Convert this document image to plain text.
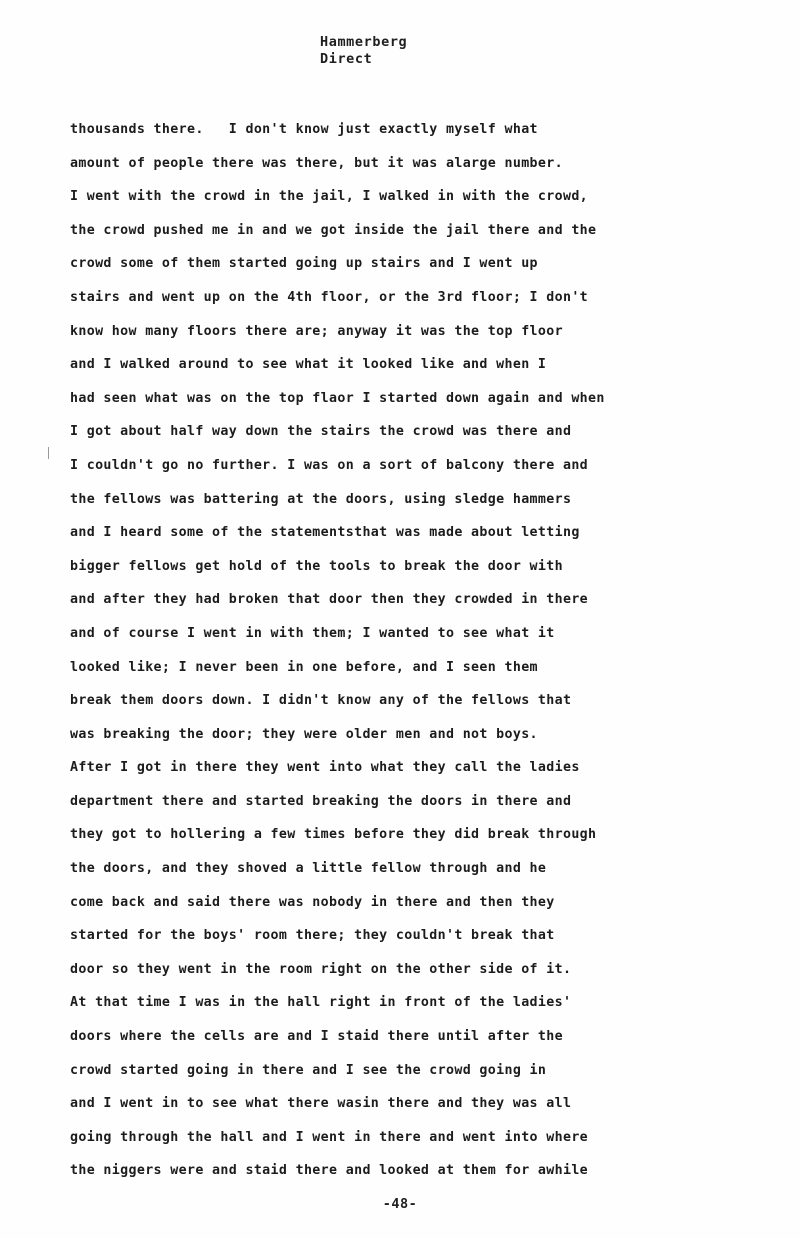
Hammerberg
Direct
thousands there.   I don't know just exactly myself what
amount of people there was there, but it was alarge number.
I went with the crowd in the jail, I walked in with the crowd,
the crowd pushed me in and we got inside the jail there and the
crowd some of them started going up stairs and I went up
stairs and went up on the 4th floor, or the 3rd floor; I don't
know how many floors there are; anyway it was the top floor
and I walked around to see what it looked like and when I
had seen what was on the top flaor I started down again and when
I got about half way down the stairs the crowd was there and
I couldn't go no further. I was on a sort of balcony there and
the fellows was battering at the doors, using sledge hammers
and I heard some of the statementsthat was made about letting
bigger fellows get hold of the tools to break the door with
and after they had broken that door then they crowded in there
and of course I went in with them; I wanted to see what it
looked like; I never been in one before, and I seen them
break them doors down. I didn't know any of the fellows that
was breaking the door; they were older men and not boys.
After I got in there they went into what they call the ladies
department there and started breaking the doors in there and
they got to hollering a few times before they did break through
the doors, and they shoved a little fellow through and he
come back and said there was nobody in there and then they
started for the boys' room there; they couldn't break that
door so they went in the room right on the other side of it.
At that time I was in the hall right in front of the ladies'
doors where the cells are and I staid there until after the
crowd started going in there and I see the crowd going in
and I went in to see what there wasin there and they was all
going through the hall and I went in there and went into where
the niggers were and staid there and looked at them for awhile
-48-
